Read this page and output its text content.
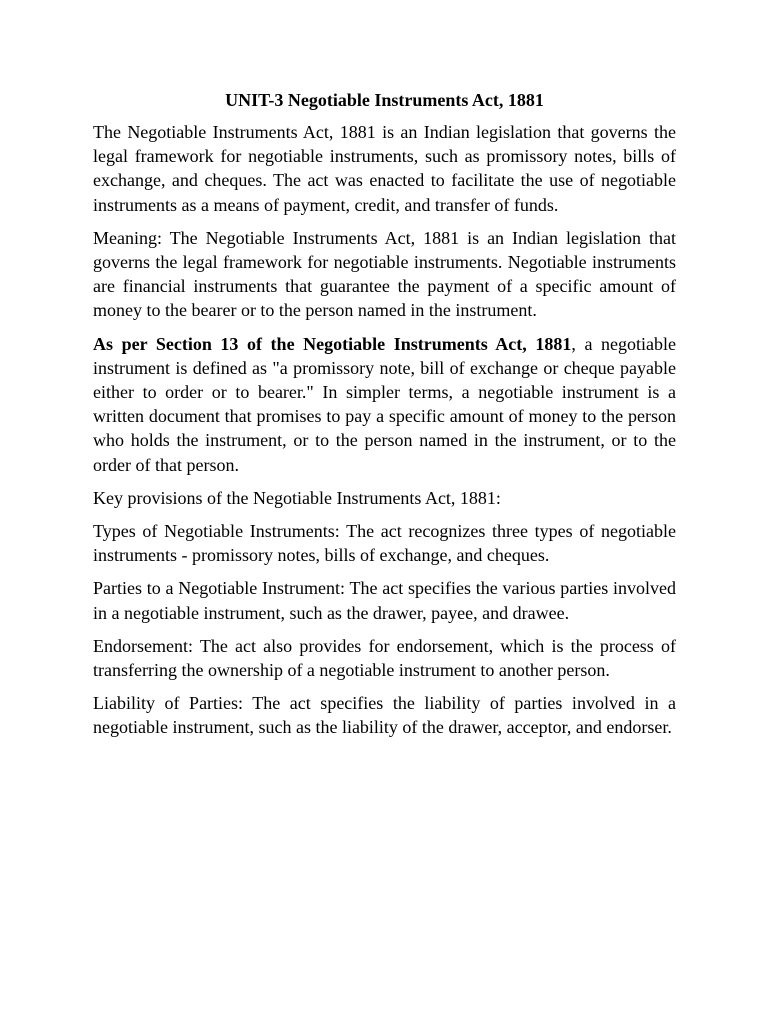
UNIT-3 Negotiable Instruments Act, 1881

The Negotiable Instruments Act, 1881 is an Indian legislation that governs the legal framework for negotiable instruments, such as promissory notes, bills of exchange, and cheques. The act was enacted to facilitate the use of negotiable instruments as a means of payment, credit, and transfer of funds.

Meaning: The Negotiable Instruments Act, 1881 is an Indian legislation that governs the legal framework for negotiable instruments. Negotiable instruments are financial instruments that guarantee the payment of a specific amount of money to the bearer or to the person named in the instrument.

As per Section 13 of the Negotiable Instruments Act, 1881, a negotiable instrument is defined as "a promissory note, bill of exchange or cheque payable either to order or to bearer." In simpler terms, a negotiable instrument is a written document that promises to pay a specific amount of money to the person who holds the instrument, or to the person named in the instrument, or to the order of that person.

Key provisions of the Negotiable Instruments Act, 1881:

Types of Negotiable Instruments: The act recognizes three types of negotiable instruments - promissory notes, bills of exchange, and cheques.

Parties to a Negotiable Instrument: The act specifies the various parties involved in a negotiable instrument, such as the drawer, payee, and drawee.

Endorsement: The act also provides for endorsement, which is the process of transferring the ownership of a negotiable instrument to another person.

Liability of Parties: The act specifies the liability of parties involved in a negotiable instrument, such as the liability of the drawer, acceptor, and endorser.
